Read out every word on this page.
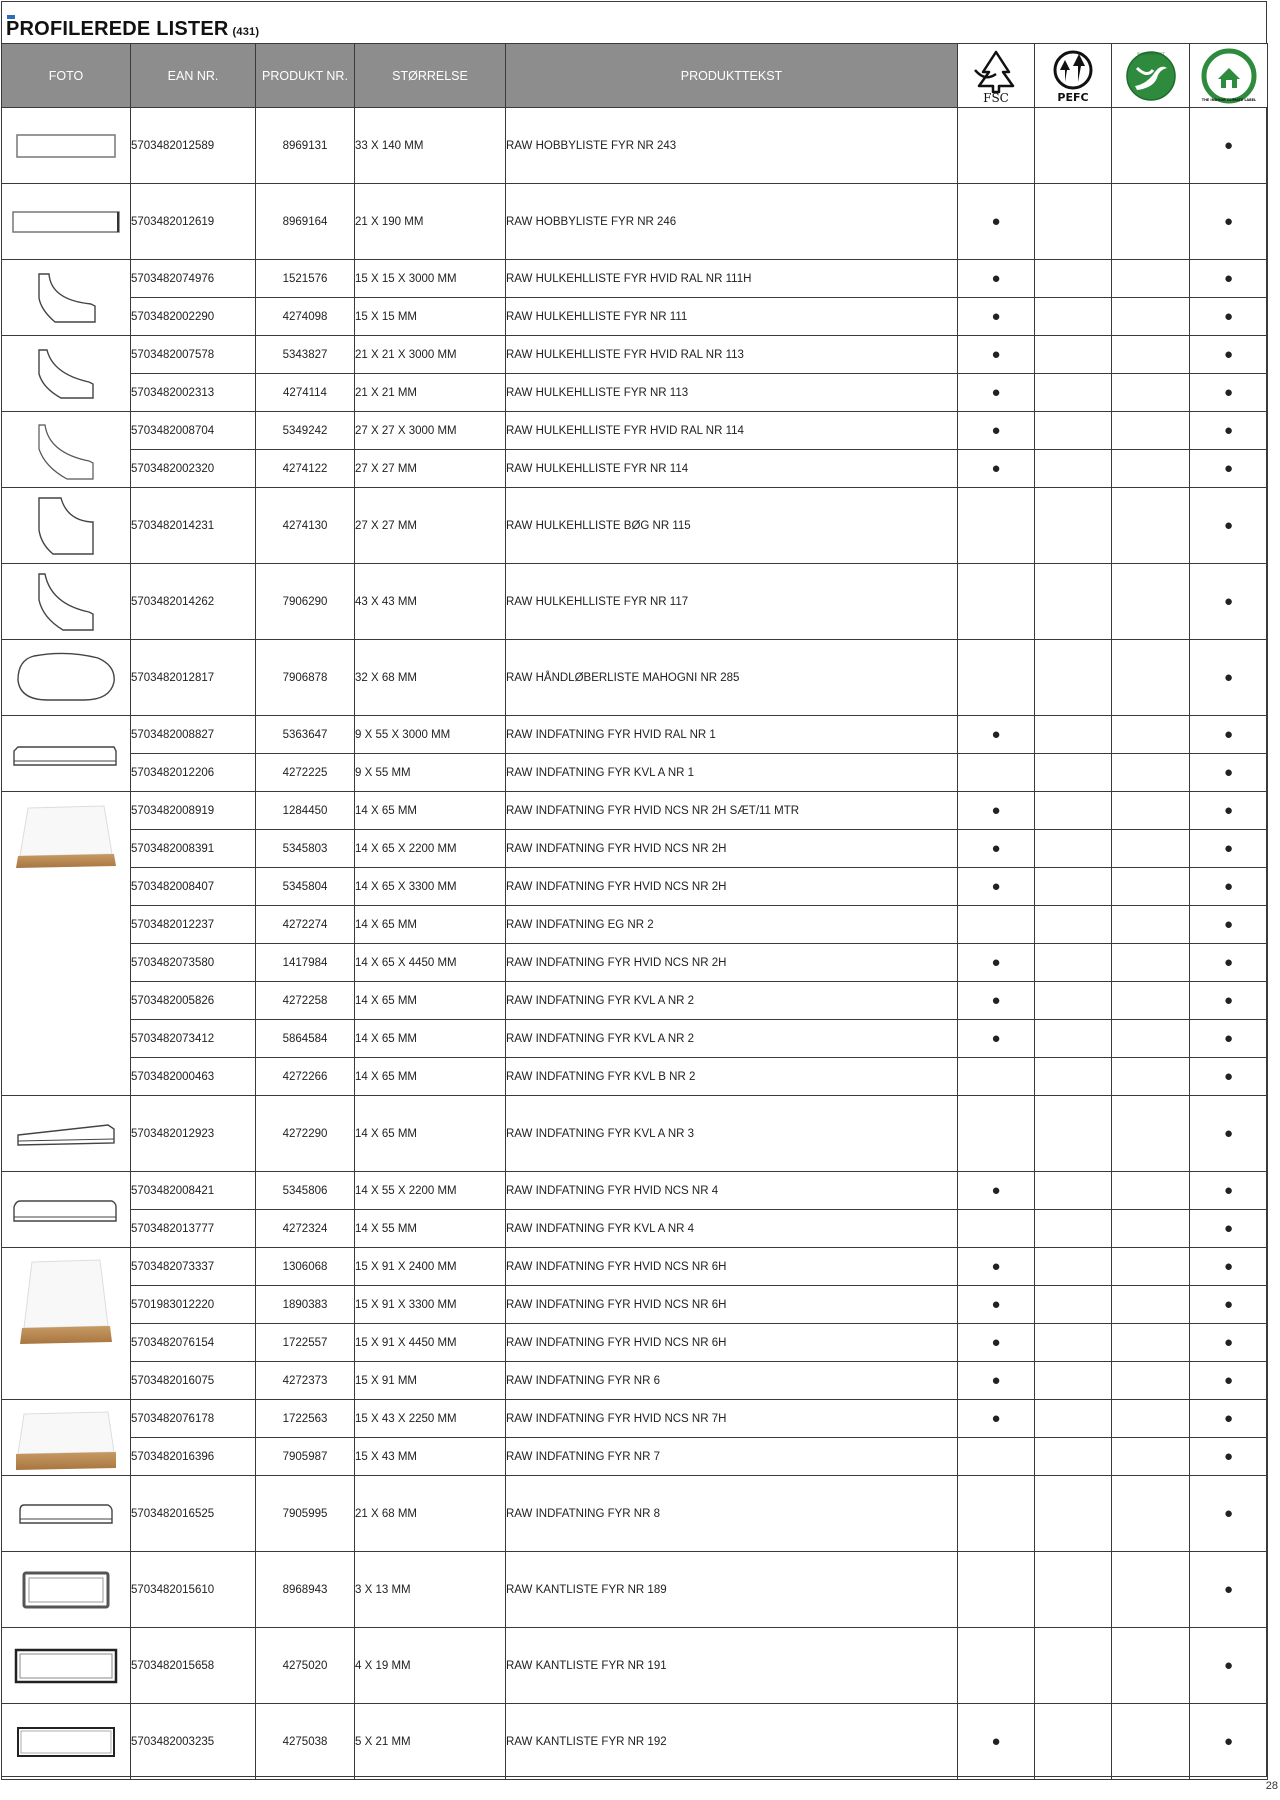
PROFILEREDE LISTER (431)
FOTO	EAN NR.	PRODUKT NR.	STØRRELSE	PRODUKTTEKST	FSC	PEFC	SVANEMÆRKET	THE INDOOR CLIMATE LABEL

	5703482012589	8969131	33 X 140 MM	RAW HOBBYLISTE FYR NR 243				●

	5703482012619	8969164	21 X 190 MM	RAW HOBBYLISTE FYR NR 246	●			●

	5703482074976	1521576	15 X 15 X 3000 MM	RAW HULKEHLLISTE FYR HVID RAL NR 111H	●			●
	5703482002290	4274098	15 X 15 MM	RAW HULKEHLLISTE FYR NR 111	●			●

	5703482007578	5343827	21 X 21 X 3000 MM	RAW HULKEHLLISTE FYR HVID RAL NR 113	●			●
	5703482002313	4274114	21 X 21 MM	RAW HULKEHLLISTE FYR NR 113	●			●

	5703482008704	5349242	27 X 27 X 3000 MM	RAW HULKEHLLISTE FYR HVID RAL NR 114	●			●
	5703482002320	4274122	27 X 27 MM	RAW HULKEHLLISTE FYR NR 114	●			●

	5703482014231	4274130	27 X 27 MM	RAW HULKEHLLISTE BØG NR 115				●

	5703482014262	7906290	43 X 43 MM	RAW HULKEHLLISTE FYR NR 117				●

	5703482012817	7906878	32 X 68 MM	RAW HÅNDLØBERLISTE MAHOGNI NR 285				●

	5703482008827	5363647	9 X 55 X 3000 MM	RAW INDFATNING FYR HVID RAL NR 1	●			●
	5703482012206	4272225	9 X 55 MM	RAW INDFATNING FYR KVL A NR 1				●

	5703482008919	1284450	14 X 65 MM	RAW INDFATNING FYR HVID NCS NR 2H SÆT/11 MTR	●			●
	5703482008391	5345803	14 X 65 X 2200 MM	RAW INDFATNING FYR HVID NCS NR 2H	●			●
	5703482008407	5345804	14 X 65 X 3300 MM	RAW INDFATNING FYR HVID NCS NR 2H	●			●
	5703482012237	4272274	14 X 65 MM	RAW INDFATNING EG NR 2				●
	5703482073580	1417984	14 X 65 X 4450 MM	RAW INDFATNING FYR HVID NCS NR 2H	●			●
	5703482005826	4272258	14 X 65 MM	RAW INDFATNING FYR KVL A NR 2	●			●
	5703482073412	5864584	14 X 65 MM	RAW INDFATNING FYR KVL A NR 2	●			●
	5703482000463	4272266	14 X 65 MM	RAW INDFATNING FYR KVL B NR 2				●

	5703482012923	4272290	14 X 65 MM	RAW INDFATNING FYR KVL A NR 3				●

	5703482008421	5345806	14 X 55 X 2200 MM	RAW INDFATNING FYR HVID NCS NR 4	●			●
	5703482013777	4272324	14 X 55 MM	RAW INDFATNING FYR KVL A NR 4				●

	5703482073337	1306068	15 X 91 X 2400 MM	RAW INDFATNING FYR HVID NCS NR 6H	●			●
	5701983012220	1890383	15 X 91 X 3300 MM	RAW INDFATNING FYR HVID NCS NR 6H	●			●
	5703482076154	1722557	15 X 91 X 4450 MM	RAW INDFATNING FYR HVID NCS NR 6H	●			●
	5703482016075	4272373	15 X 91 MM	RAW INDFATNING FYR NR 6	●			●

	5703482076178	1722563	15 X 43 X 2250 MM	RAW INDFATNING FYR HVID NCS NR 7H	●			●
	5703482016396	7905987	15 X 43 MM	RAW INDFATNING FYR NR 7				●

	5703482016525	7905995	21 X 68 MM	RAW INDFATNING FYR NR 8				●

	5703482015610	8968943	3 X 13 MM	RAW KANTLISTE FYR NR 189				●

	5703482015658	4275020	4 X 19 MM	RAW KANTLISTE FYR NR 191				●

	5703482003235	4275038	5 X 21 MM	RAW KANTLISTE FYR NR 192	●			●
28
